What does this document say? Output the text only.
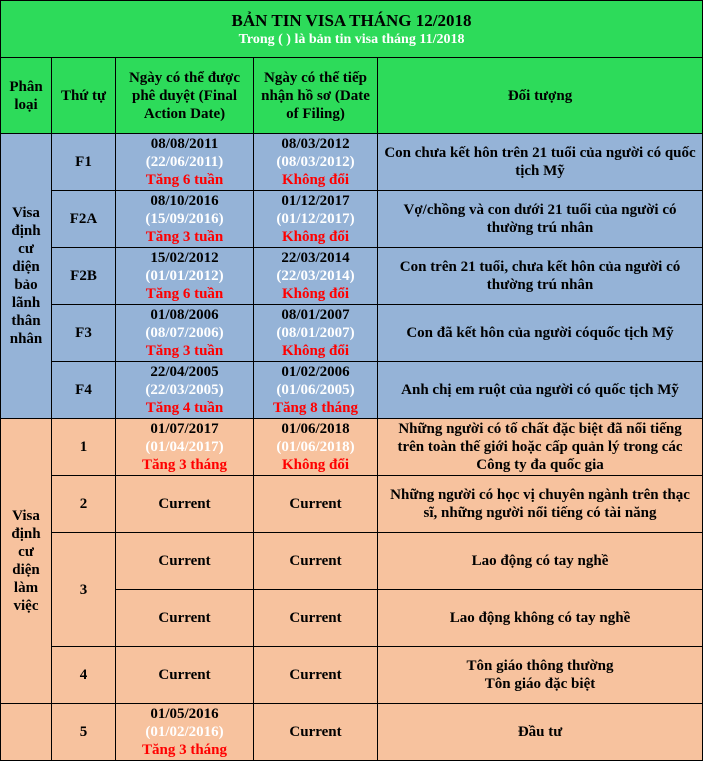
BẢN TIN VISA THÁNG 12/2018
Trong ( ) là bản tin visa tháng 11/2018				

Phân loại	Thứ tự	Ngày có thể được phê duyệt (Final Action Date)	Ngày có thể tiếp nhận hồ sơ (Date of Filing)	Đối tượng
Visa định cư diện bảo lãnh thân nhân	F1	08/08/2011
(22/06/2011)
Tăng 6 tuần	08/03/2012
(08/03/2012)
Không đổi	Con chưa kết hôn trên 21 tuổi của người có quốc tịch Mỹ
	F2A	08/10/2016
(15/09/2016)
Tăng 3 tuần	01/12/2017
(01/12/2017)
Không đổi	Vợ/chồng và con dưới 21 tuổi của người có thường trú nhân
	F2B	15/02/2012
(01/01/2012)
Tăng 6 tuần	22/03/2014
(22/03/2014)
Không đổi	Con trên 21 tuổi, chưa kết hôn của người có thường trú nhân
	F3	01/08/2006
(08/07/2006)
Tăng 3 tuần	08/01/2007
(08/01/2007)
Không đổi	Con đã kết hôn của người cóquốc tịch Mỹ
	F4	22/04/2005
(22/03/2005)
Tăng 4 tuần	01/02/2006
(01/06/2005)
Tăng 8 tháng	Anh chị em ruột của người có quốc tịch Mỹ
Visa định cư diện làm việc	1	01/07/2017
(01/04/2017)
Tăng 3 tháng	01/06/2018
(01/06/2018)
Không đổi	Những người có tố chất đặc biệt đã nổi tiếng trên toàn thế giới hoặc cấp quản lý trong các Công ty đa quốc gia
	2	Current	Current	Những người có học vị chuyên ngành trên thạc sĩ, những người nổi tiếng có tài năng
	3	Current	Current	Lao động có tay nghề
		Current	Current	Lao động không có tay nghề
	4	Current	Current	Tôn giáo thông thường
Tôn giáo đặc biệt

	5	01/05/2016
(01/02/2016)
Tăng 3 tháng	Current	Đầu tư
